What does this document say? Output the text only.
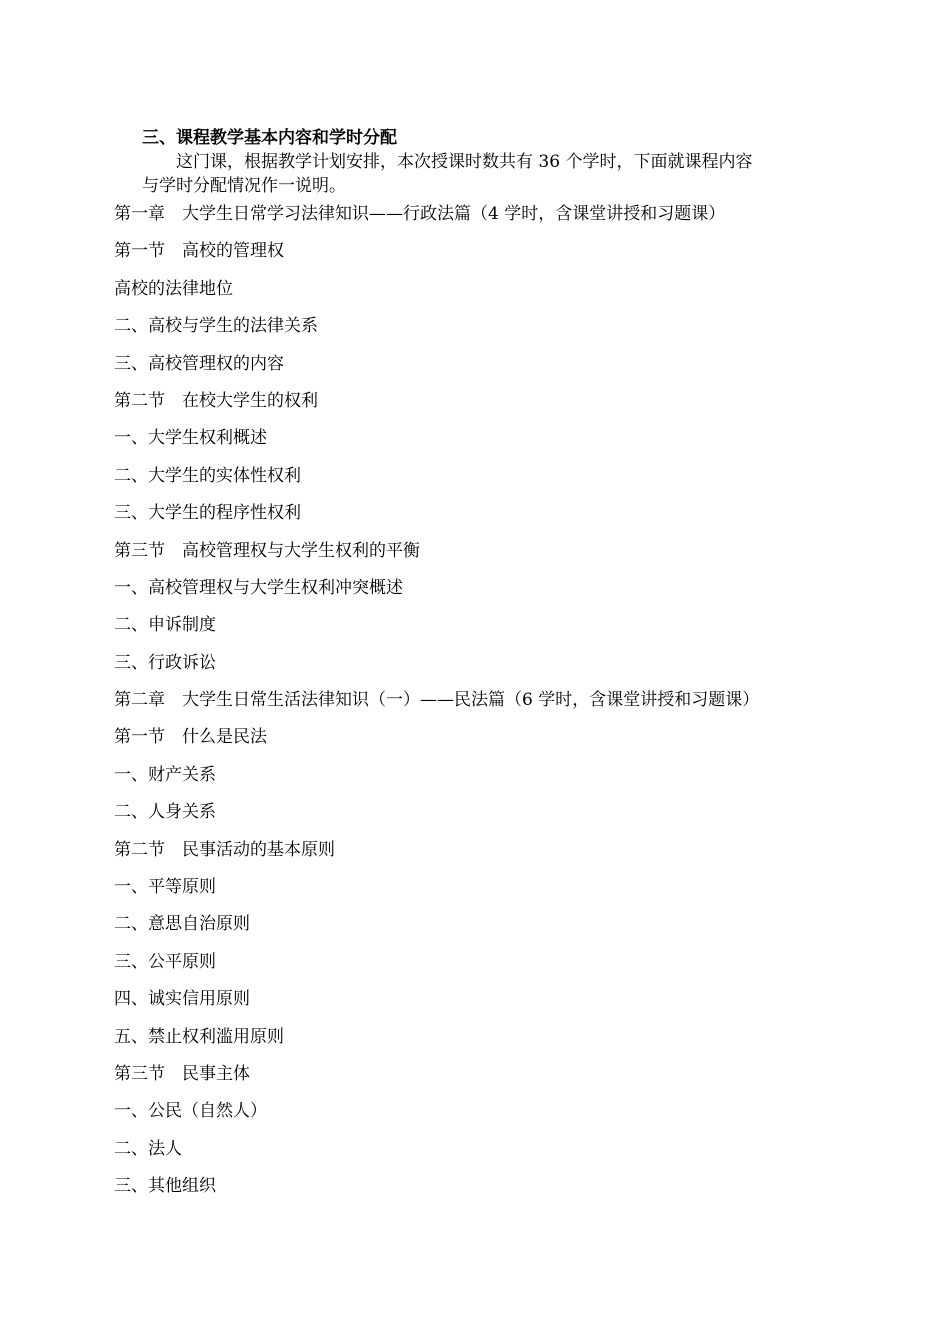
三、课程教学基本内容和学时分配

这门课，根据教学计划安排，本次授课时数共有 36 个学时，下面就课程内容

与学时分配情况作一说明。

第一章　大学生日常学习法律知识——行政法篇（4 学时，含课堂讲授和习题课）
第一节　高校的管理权
高校的法律地位
二、高校与学生的法律关系
三、高校管理权的内容
第二节　在校大学生的权利
一、大学生权利概述
二、大学生的实体性权利
三、大学生的程序性权利
第三节　高校管理权与大学生权利的平衡
一、高校管理权与大学生权利冲突概述
二、申诉制度
三、行政诉讼
第二章　大学生日常生活法律知识（一）——民法篇（6 学时，含课堂讲授和习题课）
第一节　什么是民法
一、财产关系
二、人身关系
第二节　民事活动的基本原则
一、平等原则
二、意思自治原则
三、公平原则
四、诚实信用原则
五、禁止权利滥用原则
第三节　民事主体
一、公民（自然人）
二、法人
三、其他组织
